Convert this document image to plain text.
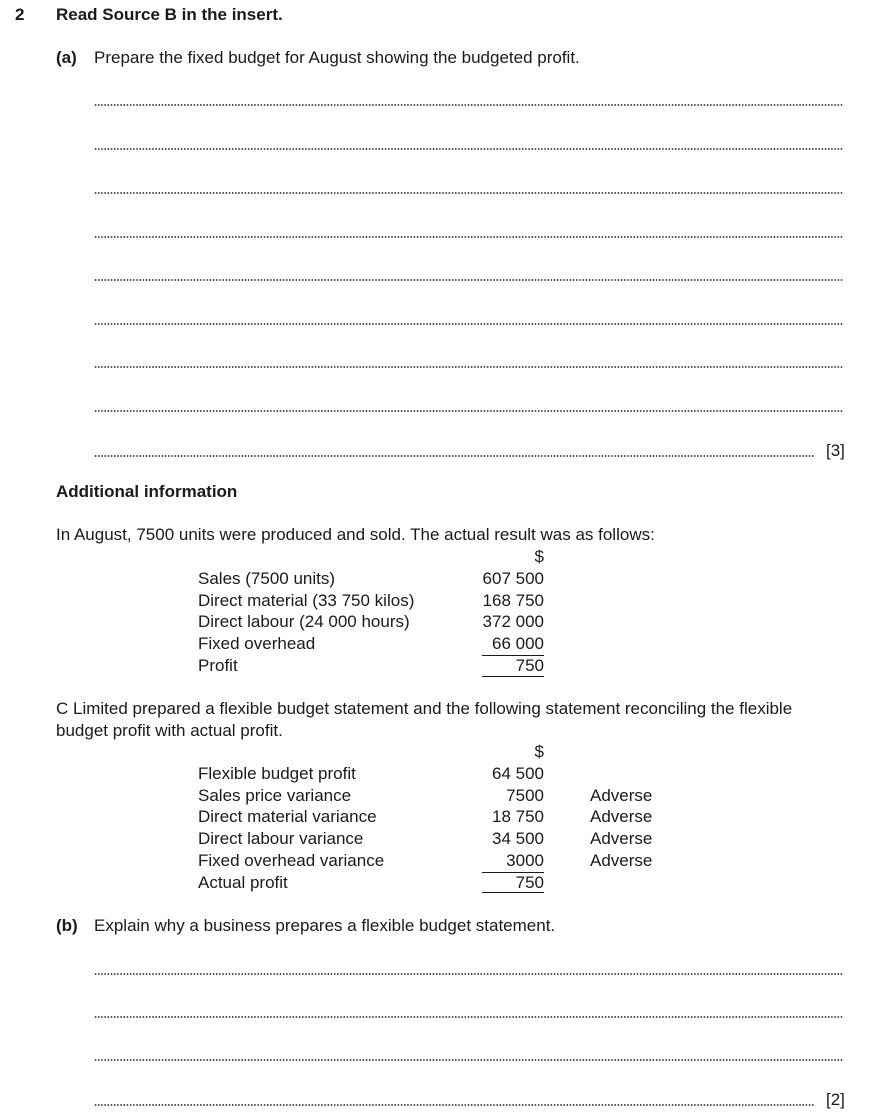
2 Read Source B in the insert.
(a) Prepare the fixed budget for August showing the budgeted profit.
[3]
Additional information
In August, 7500 units were produced and sold. The actual result was as follows:
$
Sales (7500 units)	607 500
Direct material (33 750 kilos)	168 750
Direct labour (24 000 hours)	372 000
Fixed overhead	66 000
Profit	750
C Limited prepared a flexible budget statement and the following statement reconciling the flexible
budget profit with actual profit.
$
Flexible budget profit	64 500
Sales price variance	7500	Adverse
Direct material variance	18 750	Adverse
Direct labour variance	34 500	Adverse
Fixed overhead variance	3000	Adverse
Actual profit	750
(b) Explain why a business prepares a flexible budget statement.
[2]
